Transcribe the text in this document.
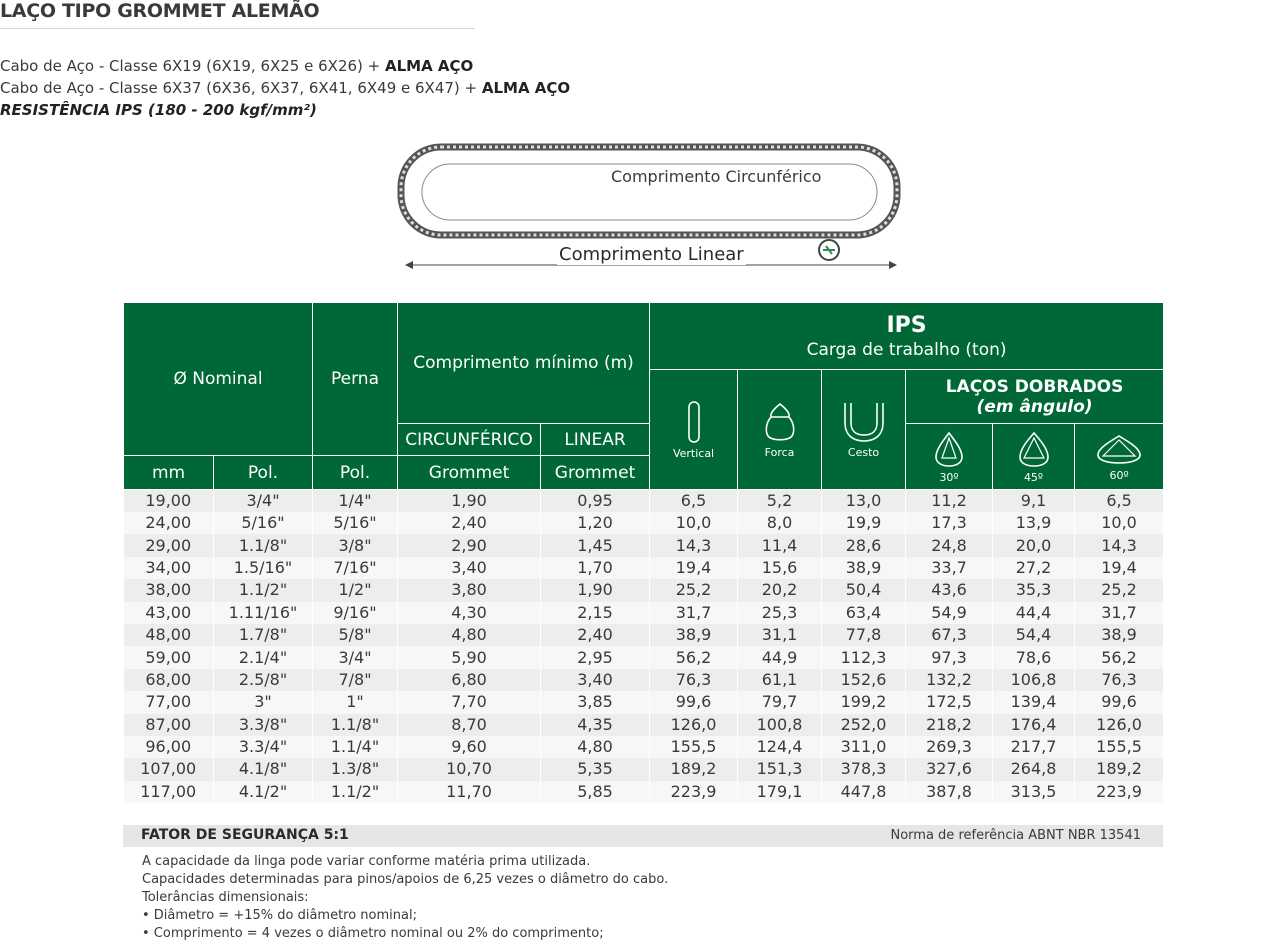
LAÇO TIPO GROMMET ALEMÃO
Cabo de Aço - Classe 6X19 (6X19, 6X25 e 6X26) + ALMA AÇO
Cabo de Aço - Classe 6X37 (6X36, 6X37, 6X41, 6X49 e 6X47) + ALMA AÇO
RESISTÊNCIA IPS (180 - 200 kgf/mm²)
Comprimento Circunférico
Comprimento Linear
Ø Nominal		Perna	Comprimento mínimo (m)		IPS
Carga de trabalho (ton)					

					Vertical	Forca	Cesto	LAÇOS DOBRADOS
(em ângulo)		

			CIRCUNFÉRICO	LINEAR				30º	45º	60º

mm	Pol.	Pol.	Grommet	Grommet						
19,00	3/4"	1/4"	1,90	0,95	6,5	5,2	13,0	11,2	9,1	6,5
24,00	5/16"	5/16"	2,40	1,20	10,0	8,0	19,9	17,3	13,9	10,0
29,00	1.1/8"	3/8"	2,90	1,45	14,3	11,4	28,6	24,8	20,0	14,3
34,00	1.5/16"	7/16"	3,40	1,70	19,4	15,6	38,9	33,7	27,2	19,4
38,00	1.1/2"	1/2"	3,80	1,90	25,2	20,2	50,4	43,6	35,3	25,2
43,00	1.11/16"	9/16"	4,30	2,15	31,7	25,3	63,4	54,9	44,4	31,7
48,00	1.7/8"	5/8"	4,80	2,40	38,9	31,1	77,8	67,3	54,4	38,9
59,00	2.1/4"	3/4"	5,90	2,95	56,2	44,9	112,3	97,3	78,6	56,2
68,00	2.5/8"	7/8"	6,80	3,40	76,3	61,1	152,6	132,2	106,8	76,3
77,00	3"	1"	7,70	3,85	99,6	79,7	199,2	172,5	139,4	99,6
87,00	3.3/8"	1.1/8"	8,70	4,35	126,0	100,8	252,0	218,2	176,4	126,0
96,00	3.3/4"	1.1/4"	9,60	4,80	155,5	124,4	311,0	269,3	217,7	155,5
107,00	4.1/8"	1.3/8"	10,70	5,35	189,2	151,3	378,3	327,6	264,8	189,2
117,00	4.1/2"	1.1/2"	11,70	5,85	223,9	179,1	447,8	387,8	313,5	223,9
FATOR DE SEGURANÇA 5:1	Norma de referência ABNT NBR 13541
A capacidade da linga pode variar conforme matéria prima utilizada.
Capacidades determinadas para pinos/apoios de 6,25 vezes o diâmetro do cabo.
Tolerâncias dimensionais:
• Diâmetro = +15% do diâmetro nominal;
• Comprimento = 4 vezes o diâmetro nominal ou 2% do comprimento;
